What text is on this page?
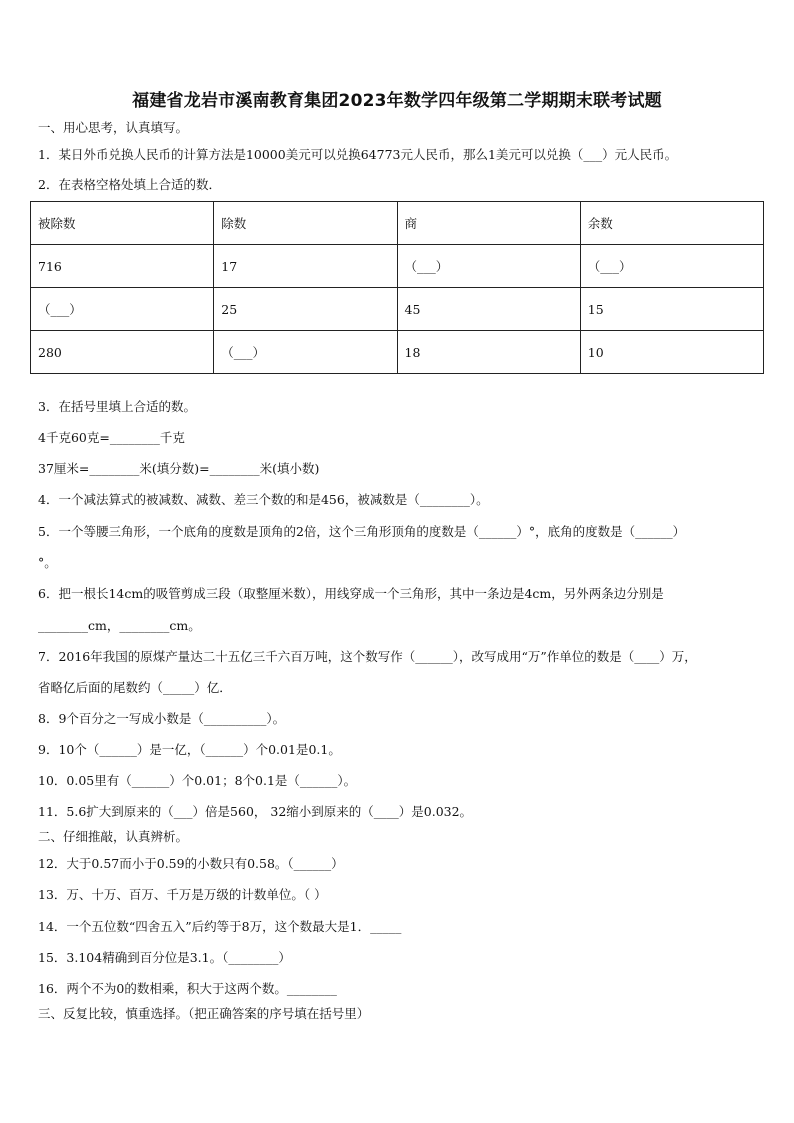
福建省龙岩市溪南教育集团2023年数学四年级第二学期期末联考试题
一、用心思考，认真填写。
1．某日外币兑换人民币的计算方法是10000美元可以兑换64773元人民币，那么1美元可以兑换（___）元人民币。
2．在表格空格处填上合适的数．
被除数	除数	商	余数
716	17	（___）	（___）
（___）	25	45	15
280	（___）	18	10
3．在括号里填上合适的数。
4千克60克=________千克
37厘米=________米(填分数)=________米(填小数)
4．一个减法算式的被减数、减数、差三个数的和是456，被减数是（________）。
5．一个等腰三角形，一个底角的度数是顶角的2倍，这个三角形顶角的度数是（______）°，底角的度数是（______）
°。
6．把一根长14cm的吸管剪成三段（取整厘米数），用线穿成一个三角形，其中一条边是4cm，另外两条边分别是
________cm，________cm。
7．2016年我国的原煤产量达二十五亿三千六百万吨，这个数写作（______），改写成用“万”作单位的数是（____）万，
省略亿后面的尾数约（_____）亿．
8．9个百分之一写成小数是（__________）。
9．10个（______）是一亿，（______）个0.01是0.1。
10．0.05里有（______）个0.01；8个0.1是（______）。
11．5.6扩大到原来的（___）倍是560， 32缩小到原来的（____）是0.032。
二、仔细推敲，认真辨析。
12．大于0.57而小于0.59的小数只有0.58。（______）
13．万、十万、百万、千万是万级的计数单位。（ ）
14．一个五位数“四舍五入”后约等于8万，这个数最大是1．_____
15．3.104精确到百分位是3.1。（________）
16．两个不为0的数相乘，积大于这两个数。________
三、反复比较，慎重选择。（把正确答案的序号填在括号里）
